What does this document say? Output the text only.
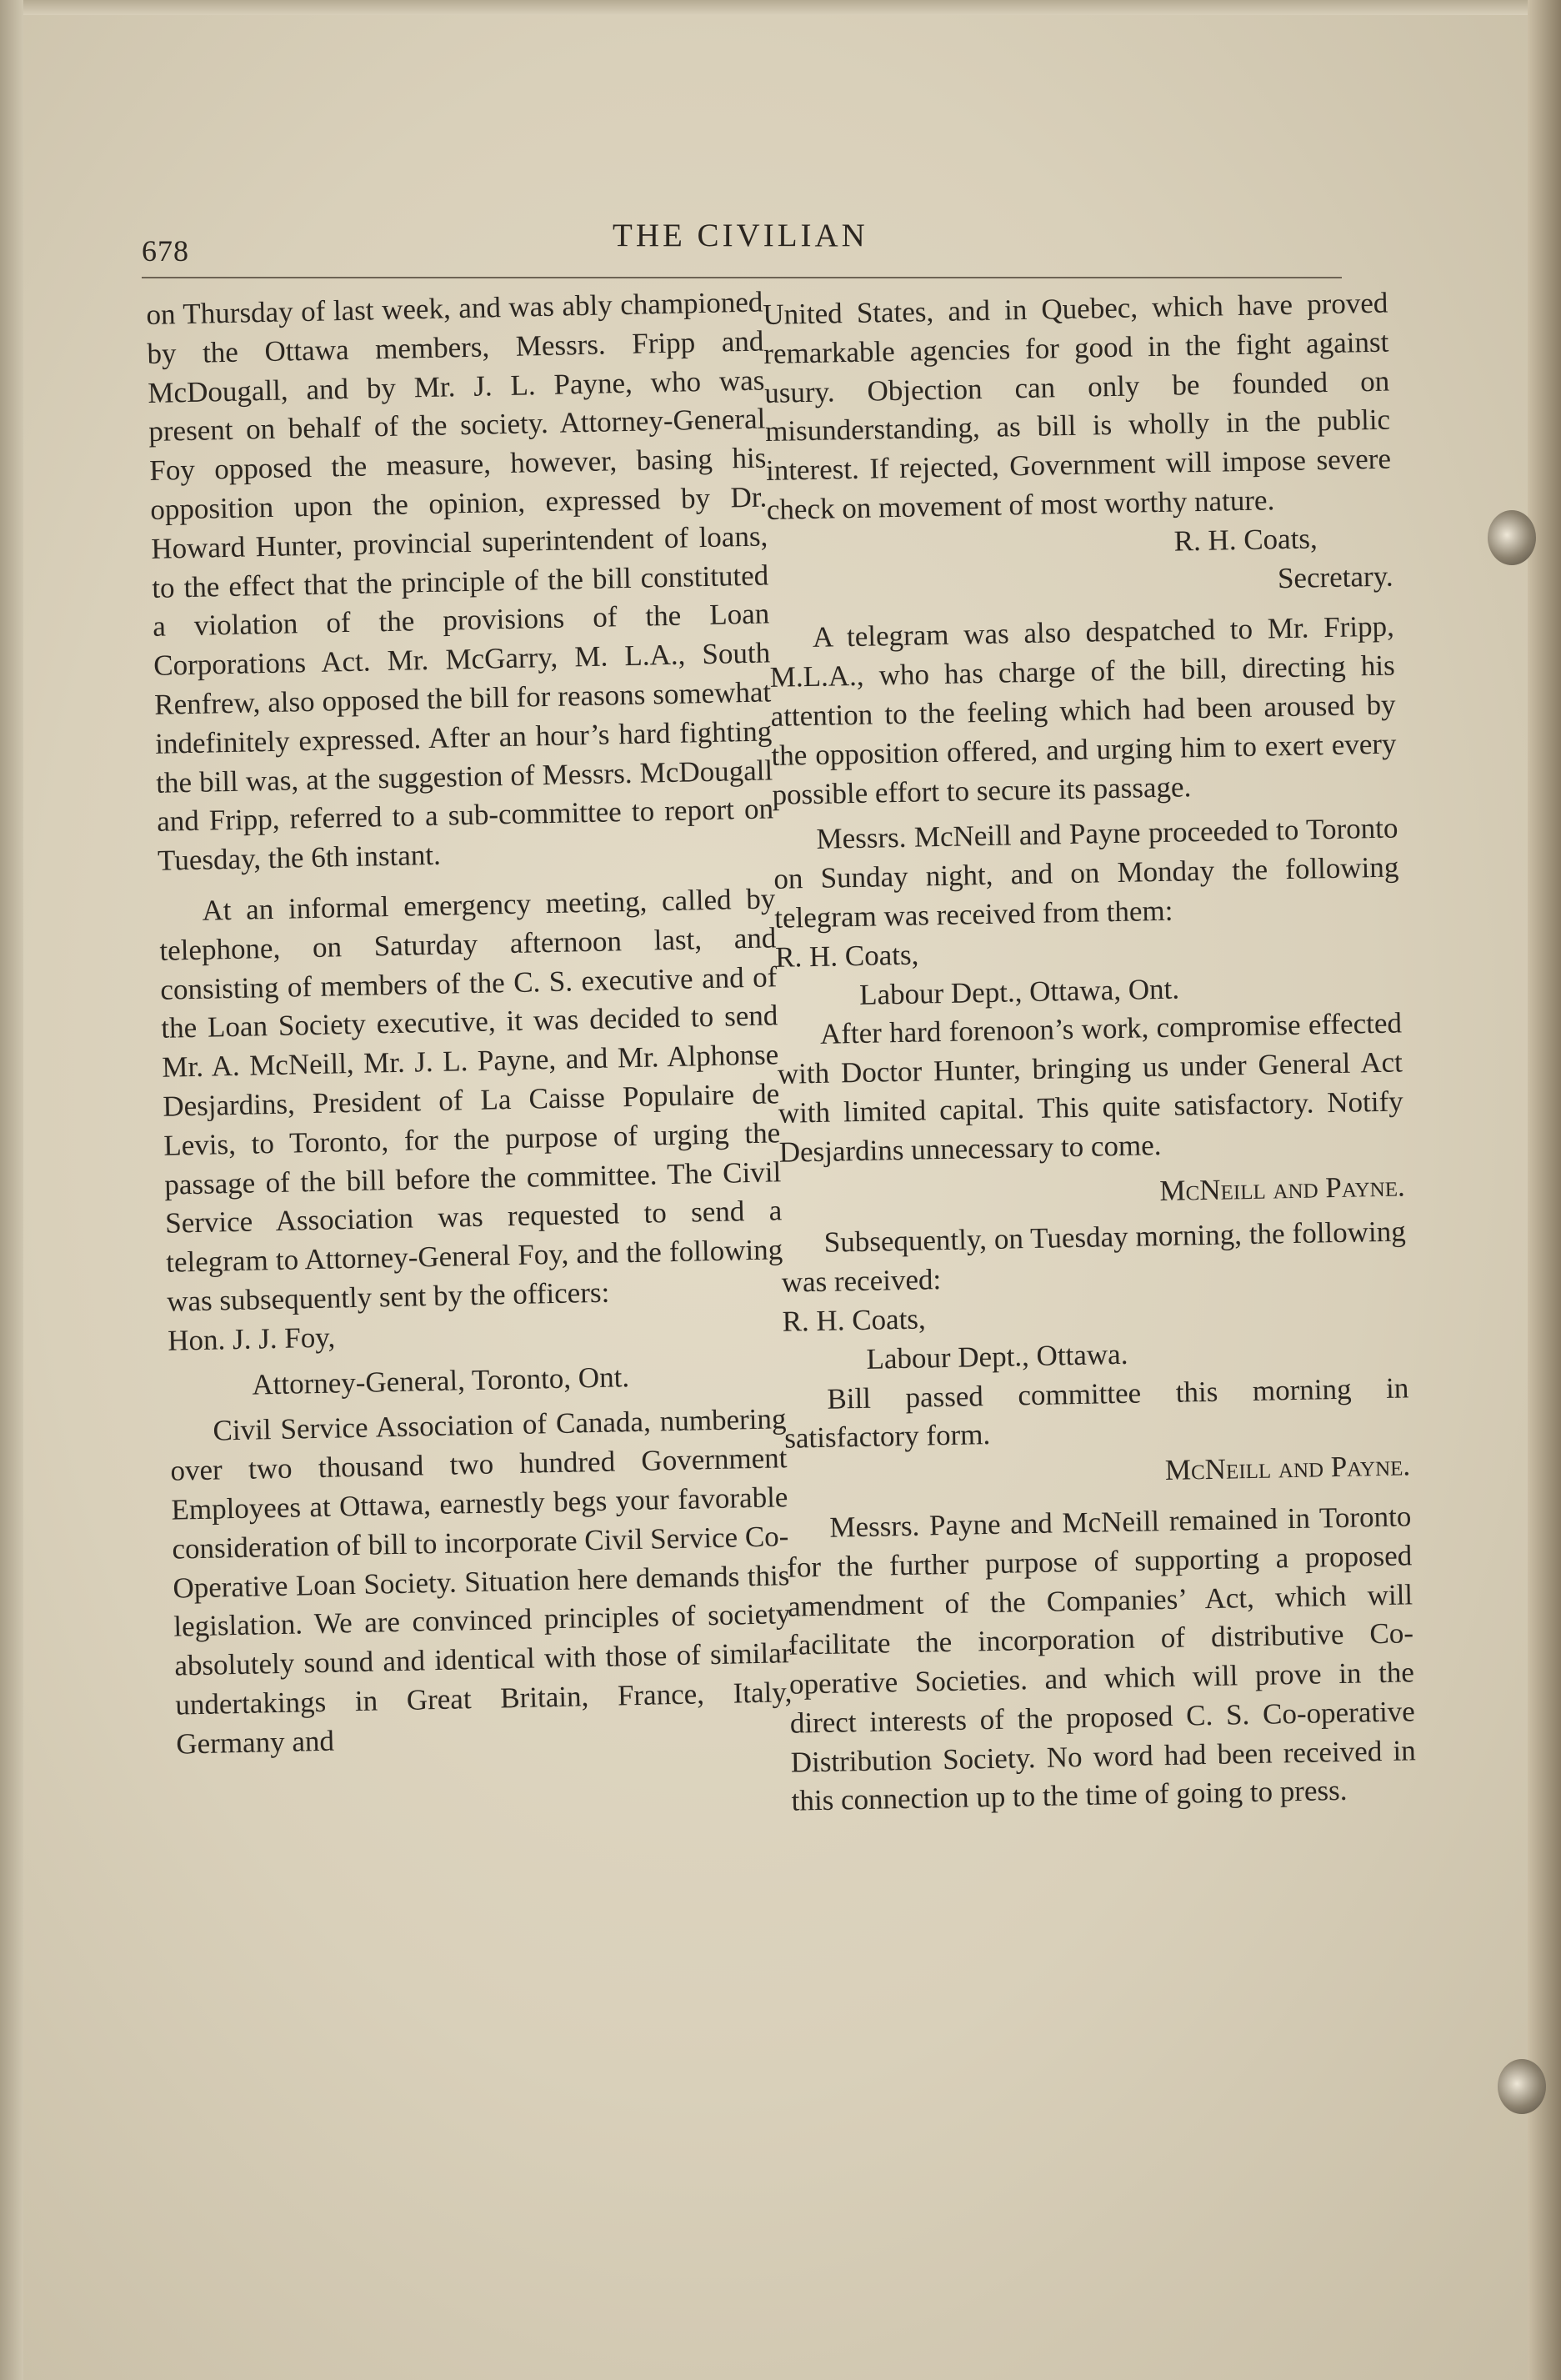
678	THE CIVILIAN

on Thursday of last week, and was ably championed by the Ottawa members, Messrs. Fripp and McDougall, and by Mr. J. L. Payne, who was present on behalf of the society. Attorney-General Foy opposed the measure, however, basing his opposition upon the opinion, expressed by Dr. Howard Hunter, provincial superintendent of loans, to the effect that the principle of the bill constituted a violation of the provisions of the Loan Corporations Act. Mr. McGarry, M. L.A., South Renfrew, also opposed the bill for reasons somewhat indefinitely expressed. After an hour’s hard fighting the bill was, at the suggestion of Messrs. McDougall and Fripp, referred to a sub-committee to report on Tuesday, the 6th instant.

At an informal emergency meeting, called by telephone, on Saturday afternoon last, and consisting of members of the C. S. executive and of the Loan Society executive, it was decided to send Mr. A. McNeill, Mr. J. L. Payne, and Mr. Alphonse Desjardins, President of La Caisse Populaire de Levis, to Toronto, for the purpose of urging the passage of the bill before the committee. The Civil Service Association was requested to send a telegram to Attorney-General Foy, and the following was subsequently sent by the officers:

Hon. J. J. Foy,

Attorney-General, Toronto, Ont.

Civil Service Association of Canada, numbering over two thousand two hundred Government Employees at Ottawa, earnestly begs your favorable consideration of bill to incorporate Civil Service Co-Operative Loan Society. Situation here demands this legislation. We are convinced principles of society absolutely sound and identical with those of similar undertakings in Great Britain, France, Italy, Germany and

United States, and in Quebec, which have proved remarkable agencies for good in the fight against usury. Objection can only be founded on misunderstanding, as bill is wholly in the public interest. If rejected, Government will impose severe check on movement of most worthy nature.

R. H. Coats,

Secretary.

A telegram was also despatched to Mr. Fripp, M.L.A., who has charge of the bill, directing his attention to the feeling which had been aroused by the opposition offered, and urging him to exert every possible effort to secure its passage.

Messrs. McNeill and Payne proceeded to Toronto on Sunday night, and on Monday the following telegram was received from them:

R. H. Coats,

Labour Dept., Ottawa, Ont.

After hard forenoon’s work, compromise effected with Doctor Hunter, bringing us under General Act with limited capital. This quite satisfactory. Notify Desjardins unnecessary to come.

McNeill and Payne.

Subsequently, on Tuesday morning, the following was received:

R. H. Coats,

Labour Dept., Ottawa.

Bill passed committee this morning in satisfactory form.

McNeill and Payne.

Messrs. Payne and McNeill remained in Toronto for the further purpose of supporting a proposed amendment of the Companies’ Act, which will facilitate the incorporation of distributive Co-operative Societies. and which will prove in the direct interests of the proposed C. S. Co-operative Distribution Society. No word had been received in this connection up to the time of going to press.
